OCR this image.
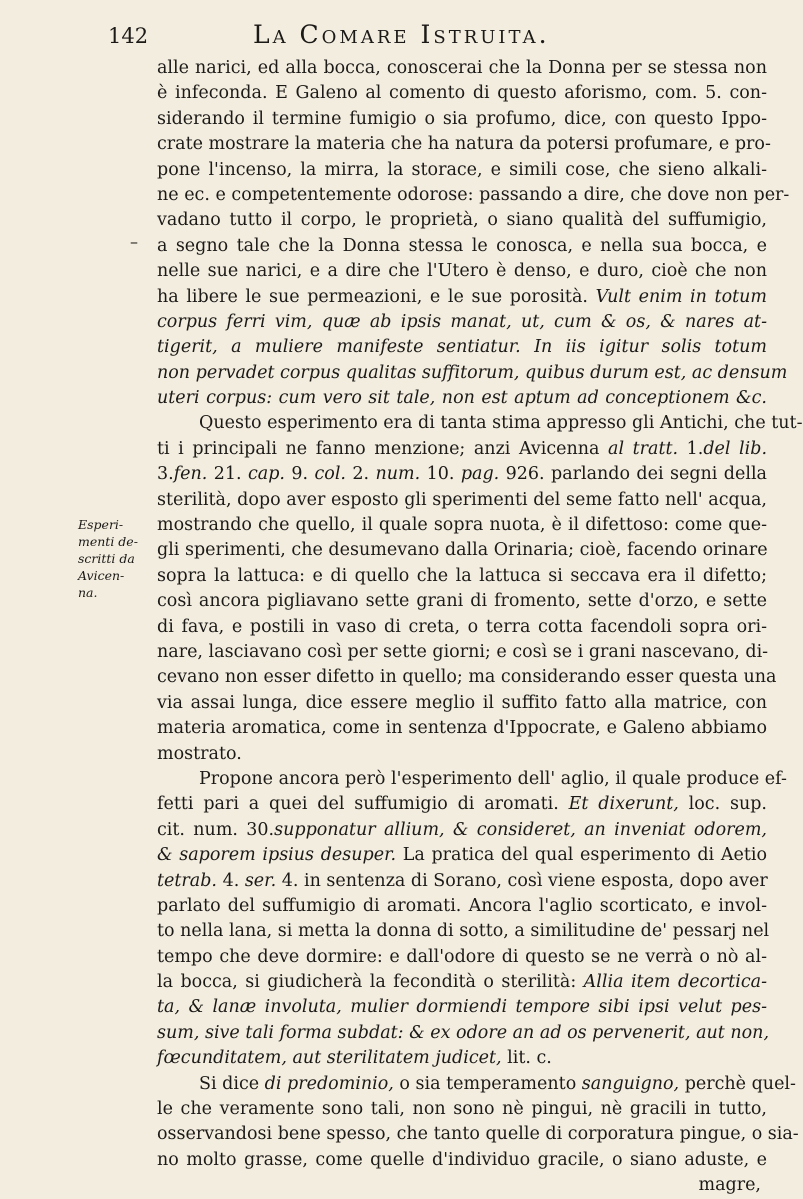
142	La Comare Istruita.
–
Esperi-
menti de-
scritti da
Avicen-
na.
alle narici, ed alla bocca, conoscerai che la Donna per se stessa non
è infeconda. E Galeno al comento di questo aforismo, com. 5. con-
siderando il termine fumigio o sia profumo, dice, con questo Ippo-
crate mostrare la materia che ha natura da potersi profumare, e pro-
pone l'incenso, la mirra, la storace, e simili cose, che sieno alkali-
ne ec. e competentemente odorose: passando a dire, che dove non per-
vadano tutto il corpo, le proprietà, o siano qualità del suffumigio,
a segno tale che la Donna stessa le conosca, e nella sua bocca, e
nelle sue narici, e a dire che l'Utero è denso, e duro, cioè che non
ha libere le sue permeazioni, e le sue porosità. Vult enim in totum
corpus ferri vim, quæ ab ipsis manat, ut, cum & os, & nares at-
tigerit, a muliere manifeste sentiatur. In iis igitur solis totum
non pervadet corpus qualitas suffitorum, quibus durum est, ac densum
uteri corpus: cum vero sit tale, non est aptum ad conceptionem &c.
Questo esperimento era di tanta stima appresso gli Antichi, che tut-
ti i principali ne fanno menzione; anzi Avicenna al tratt. 1.del lib.
3.fen. 21. cap. 9. col. 2. num. 10. pag. 926. parlando dei segni della
sterilità, dopo aver esposto gli sperimenti del seme fatto nell' acqua,
mostrando che quello, il quale sopra nuota, è il difettoso: come que-
gli sperimenti, che desumevano dalla Orinaria; cioè, facendo orinare
sopra la lattuca: e di quello che la lattuca si seccava era il difetto;
così ancora pigliavano sette grani di fromento, sette d'orzo, e sette
di fava, e postili in vaso di creta, o terra cotta facendoli sopra ori-
nare, lasciavano così per sette giorni; e così se i grani nascevano, di-
cevano non esser difetto in quello; ma considerando esser questa una
via assai lunga, dice essere meglio il suffito fatto alla matrice, con
materia aromatica, come in sentenza d'Ippocrate, e Galeno abbiamo
mostrato.
Propone ancora però l'esperimento dell' aglio, il quale produce ef-
fetti pari a quei del suffumigio di aromati. Et dixerunt, loc. sup.
cit. num. 30.supponatur allium, & consideret, an inveniat odorem,
& saporem ipsius desuper. La pratica del qual esperimento di Aetio
tetrab. 4. ser. 4. in sentenza di Sorano, così viene esposta, dopo aver
parlato del suffumigio di aromati. Ancora l'aglio scorticato, e invol-
to nella lana, si metta la donna di sotto, a similitudine de' pessarj nel
tempo che deve dormire: e dall'odore di questo se ne verrà o nò al-
la bocca, si giudicherà la fecondità o sterilità: Allia item decortica-
ta, & lanæ involuta, mulier dormiendi tempore sibi ipsi velut pes-
sum, sive tali forma subdat: & ex odore an ad os pervenerit, aut non,
fœcunditatem, aut sterilitatem judicet, lit. c.
Si dice di predominio, o sia temperamento sanguigno, perchè quel-
le che veramente sono tali, non sono nè pingui, nè gracili in tutto,
osservandosi bene spesso, che tanto quelle di corporatura pingue, o sia-
no molto grasse, come quelle d'individuo gracile, o siano aduste, e
magre,
